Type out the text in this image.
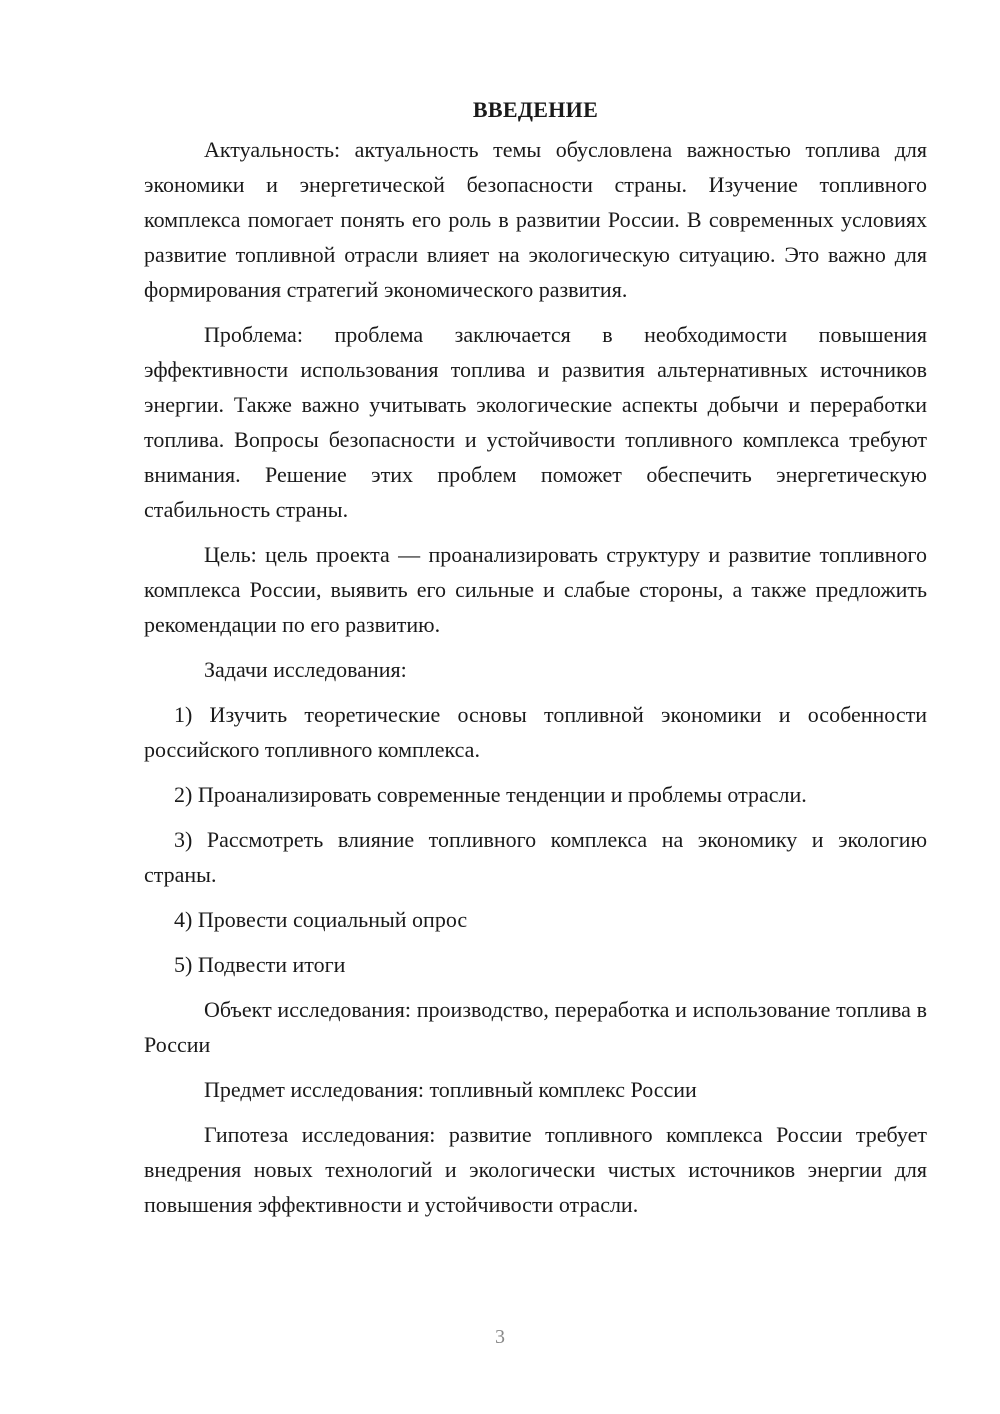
ВВЕДЕНИЕ

Актуальность: актуальность темы обусловлена важностью топлива для экономики и энергетической безопасности страны. Изучение топливного комплекса помогает понять его роль в развитии России. В современных условиях развитие топливной отрасли влияет на экологическую ситуацию. Это важно для формирования стратегий экономического развития.

Проблема: проблема заключается в необходимости повышения эффективности использования топлива и развития альтернативных источников энергии. Также важно учитывать экологические аспекты добычи и переработки топлива. Вопросы безопасности и устойчивости топливного комплекса требуют внимания. Решение этих проблем поможет обеспечить энергетическую стабильность страны.

Цель: цель проекта — проанализировать структуру и развитие топливного комплекса России, выявить его сильные и слабые стороны, а также предложить рекомендации по его развитию.

Задачи исследования:

1) Изучить теоретические основы топливной экономики и особенности российского топливного комплекса.

2) Проанализировать современные тенденции и проблемы отрасли.

3) Рассмотреть влияние топливного комплекса на экономику и экологию страны.

4) Провести социальный опрос

5) Подвести итоги

Объект исследования: производство, переработка и использование топлива в России

Предмет исследования: топливный комплекс России

Гипотеза исследования: развитие топливного комплекса России требует внедрения новых технологий и экологически чистых источников энергии для повышения эффективности и устойчивости отрасли.

3
